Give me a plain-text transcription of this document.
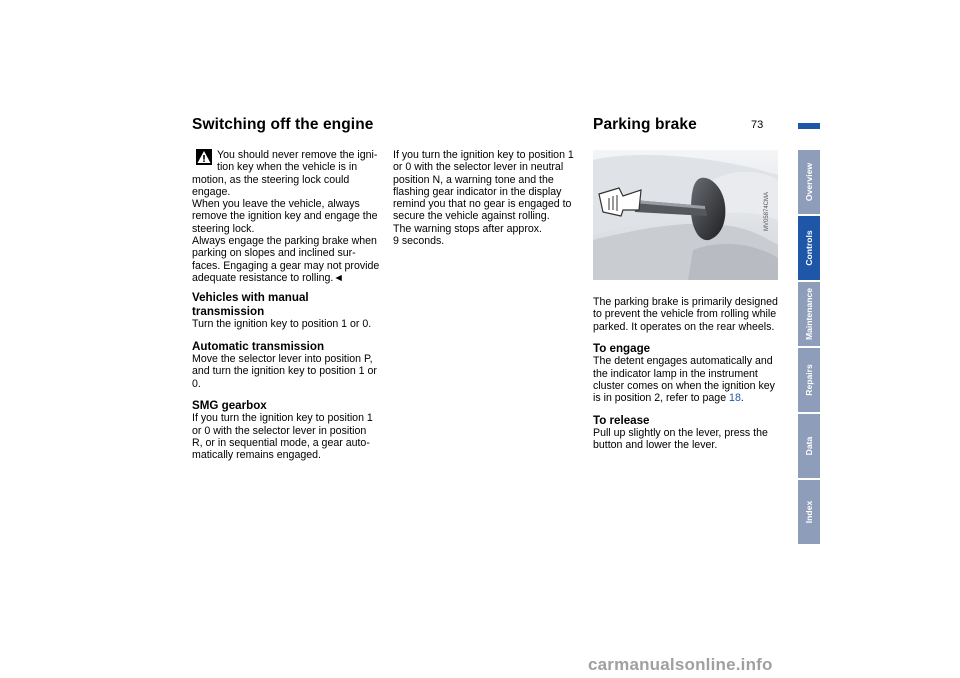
Switching off the engine	Parking brake	73

You should never remove the igni-

tion key when the vehicle is in

motion, as the steering lock could

engage.

When you leave the vehicle, always

remove the ignition key and engage the

steering lock.

Always engage the parking brake when

parking on slopes and inclined sur-

faces. Engaging a gear may not provide

adequate resistance to rolling.◄

Vehicles with manual

transmission

Turn the ignition key to position 1 or 0.

Automatic transmission

Move the selector lever into position P,

and turn the ignition key to position 1 or

0.

SMG gearbox

If you turn the ignition key to position 1

or 0 with the selector lever in position

R, or in sequential mode, a gear auto-

matically remains engaged.

If you turn the ignition key to position 1

or 0 with the selector lever in neutral

position N, a warning tone and the

flashing gear indicator in the display

remind you that no gear is engaged to

secure the vehicle against rolling.

The warning stops after approx.

9 seconds.

MV05874CMA

The parking brake is primarily designed

to prevent the vehicle from rolling while

parked. It operates on the rear wheels.

To engage

The detent engages automatically and

the indicator lamp in the instrument

cluster comes on when the ignition key

is in position 2, refer to page 18.

To release

Pull up slightly on the lever, press the

button and lower the lever.

Overview
Controls
Maintenance
Repairs
Data
Index
carmanualsonline.info
